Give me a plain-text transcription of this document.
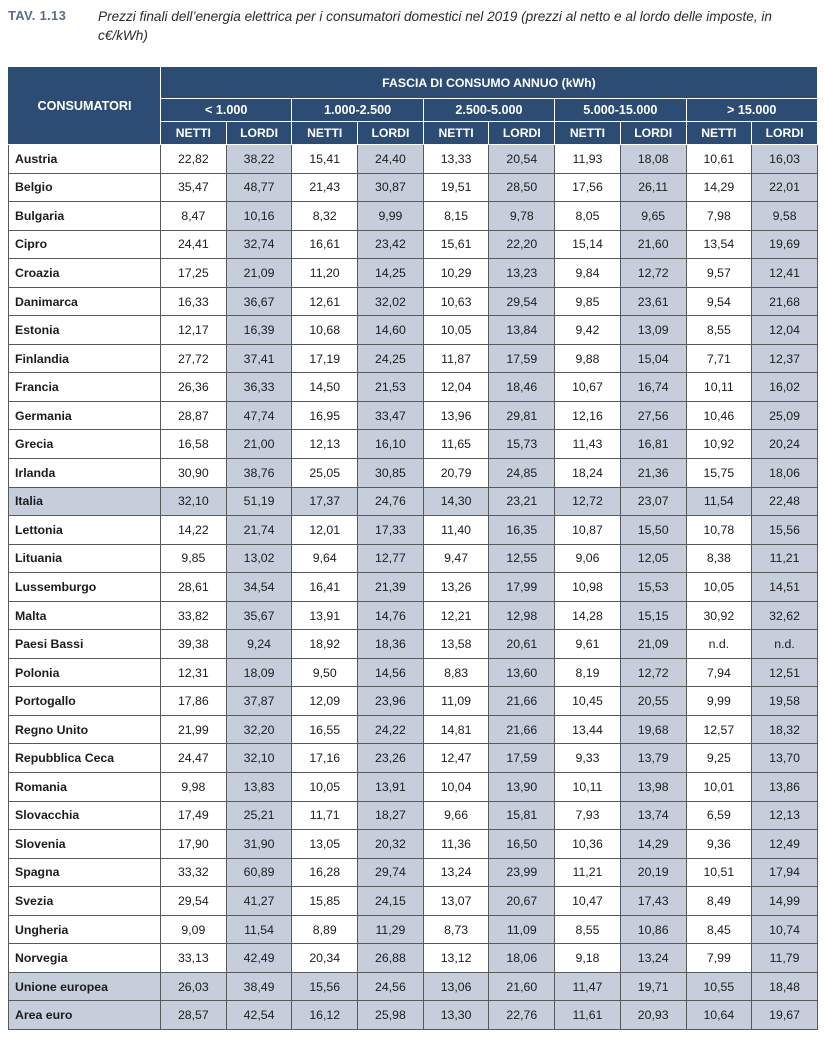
TAV. 1.13 Prezzi finali dell’energia elettrica per i consumatori domestici nel 2019 (prezzi al netto e al lordo delle imposte, in c€/kWh)
CONSUMATORI	FASCIA DI CONSUMO ANNUO (kWh)									
	< 1.000		1.000-2.500		2.500-5.000		5.000-15.000		> 15.000	
	NETTI	LORDI	NETTI	LORDI	NETTI	LORDI	NETTI	LORDI	NETTI	LORDI
Austria	22,82	38,22	15,41	24,40	13,33	20,54	11,93	18,08	10,61	16,03
Belgio	35,47	48,77	21,43	30,87	19,51	28,50	17,56	26,11	14,29	22,01
Bulgaria	8,47	10,16	8,32	9,99	8,15	9,78	8,05	9,65	7,98	9,58
Cipro	24,41	32,74	16,61	23,42	15,61	22,20	15,14	21,60	13,54	19,69
Croazia	17,25	21,09	11,20	14,25	10,29	13,23	9,84	12,72	9,57	12,41
Danimarca	16,33	36,67	12,61	32,02	10,63	29,54	9,85	23,61	9,54	21,68
Estonia	12,17	16,39	10,68	14,60	10,05	13,84	9,42	13,09	8,55	12,04
Finlandia	27,72	37,41	17,19	24,25	11,87	17,59	9,88	15,04	7,71	12,37
Francia	26,36	36,33	14,50	21,53	12,04	18,46	10,67	16,74	10,11	16,02
Germania	28,87	47,74	16,95	33,47	13,96	29,81	12,16	27,56	10,46	25,09
Grecia	16,58	21,00	12,13	16,10	11,65	15,73	11,43	16,81	10,92	20,24
Irlanda	30,90	38,76	25,05	30,85	20,79	24,85	18,24	21,36	15,75	18,06
Italia	32,10	51,19	17,37	24,76	14,30	23,21	12,72	23,07	11,54	22,48
Lettonia	14,22	21,74	12,01	17,33	11,40	16,35	10,87	15,50	10,78	15,56
Lituania	9,85	13,02	9,64	12,77	9,47	12,55	9,06	12,05	8,38	11,21
Lussemburgo	28,61	34,54	16,41	21,39	13,26	17,99	10,98	15,53	10,05	14,51
Malta	33,82	35,67	13,91	14,76	12,21	12,98	14,28	15,15	30,92	32,62
Paesi Bassi	39,38	9,24	18,92	18,36	13,58	20,61	9,61	21,09	n.d.	n.d.
Polonia	12,31	18,09	9,50	14,56	8,83	13,60	8,19	12,72	7,94	12,51
Portogallo	17,86	37,87	12,09	23,96	11,09	21,66	10,45	20,55	9,99	19,58
Regno Unito	21,99	32,20	16,55	24,22	14,81	21,66	13,44	19,68	12,57	18,32
Repubblica Ceca	24,47	32,10	17,16	23,26	12,47	17,59	9,33	13,79	9,25	13,70
Romania	9,98	13,83	10,05	13,91	10,04	13,90	10,11	13,98	10,01	13,86
Slovacchia	17,49	25,21	11,71	18,27	9,66	15,81	7,93	13,74	6,59	12,13
Slovenia	17,90	31,90	13,05	20,32	11,36	16,50	10,36	14,29	9,36	12,49
Spagna	33,32	60,89	16,28	29,74	13,24	23,99	11,21	20,19	10,51	17,94
Svezia	29,54	41,27	15,85	24,15	13,07	20,67	10,47	17,43	8,49	14,99
Ungheria	9,09	11,54	8,89	11,29	8,73	11,09	8,55	10,86	8,45	10,74
Norvegia	33,13	42,49	20,34	26,88	13,12	18,06	9,18	13,24	7,99	11,79
Unione europea	26,03	38,49	15,56	24,56	13,06	21,60	11,47	19,71	10,55	18,48
Area euro	28,57	42,54	16,12	25,98	13,30	22,76	11,61	20,93	10,64	19,67
